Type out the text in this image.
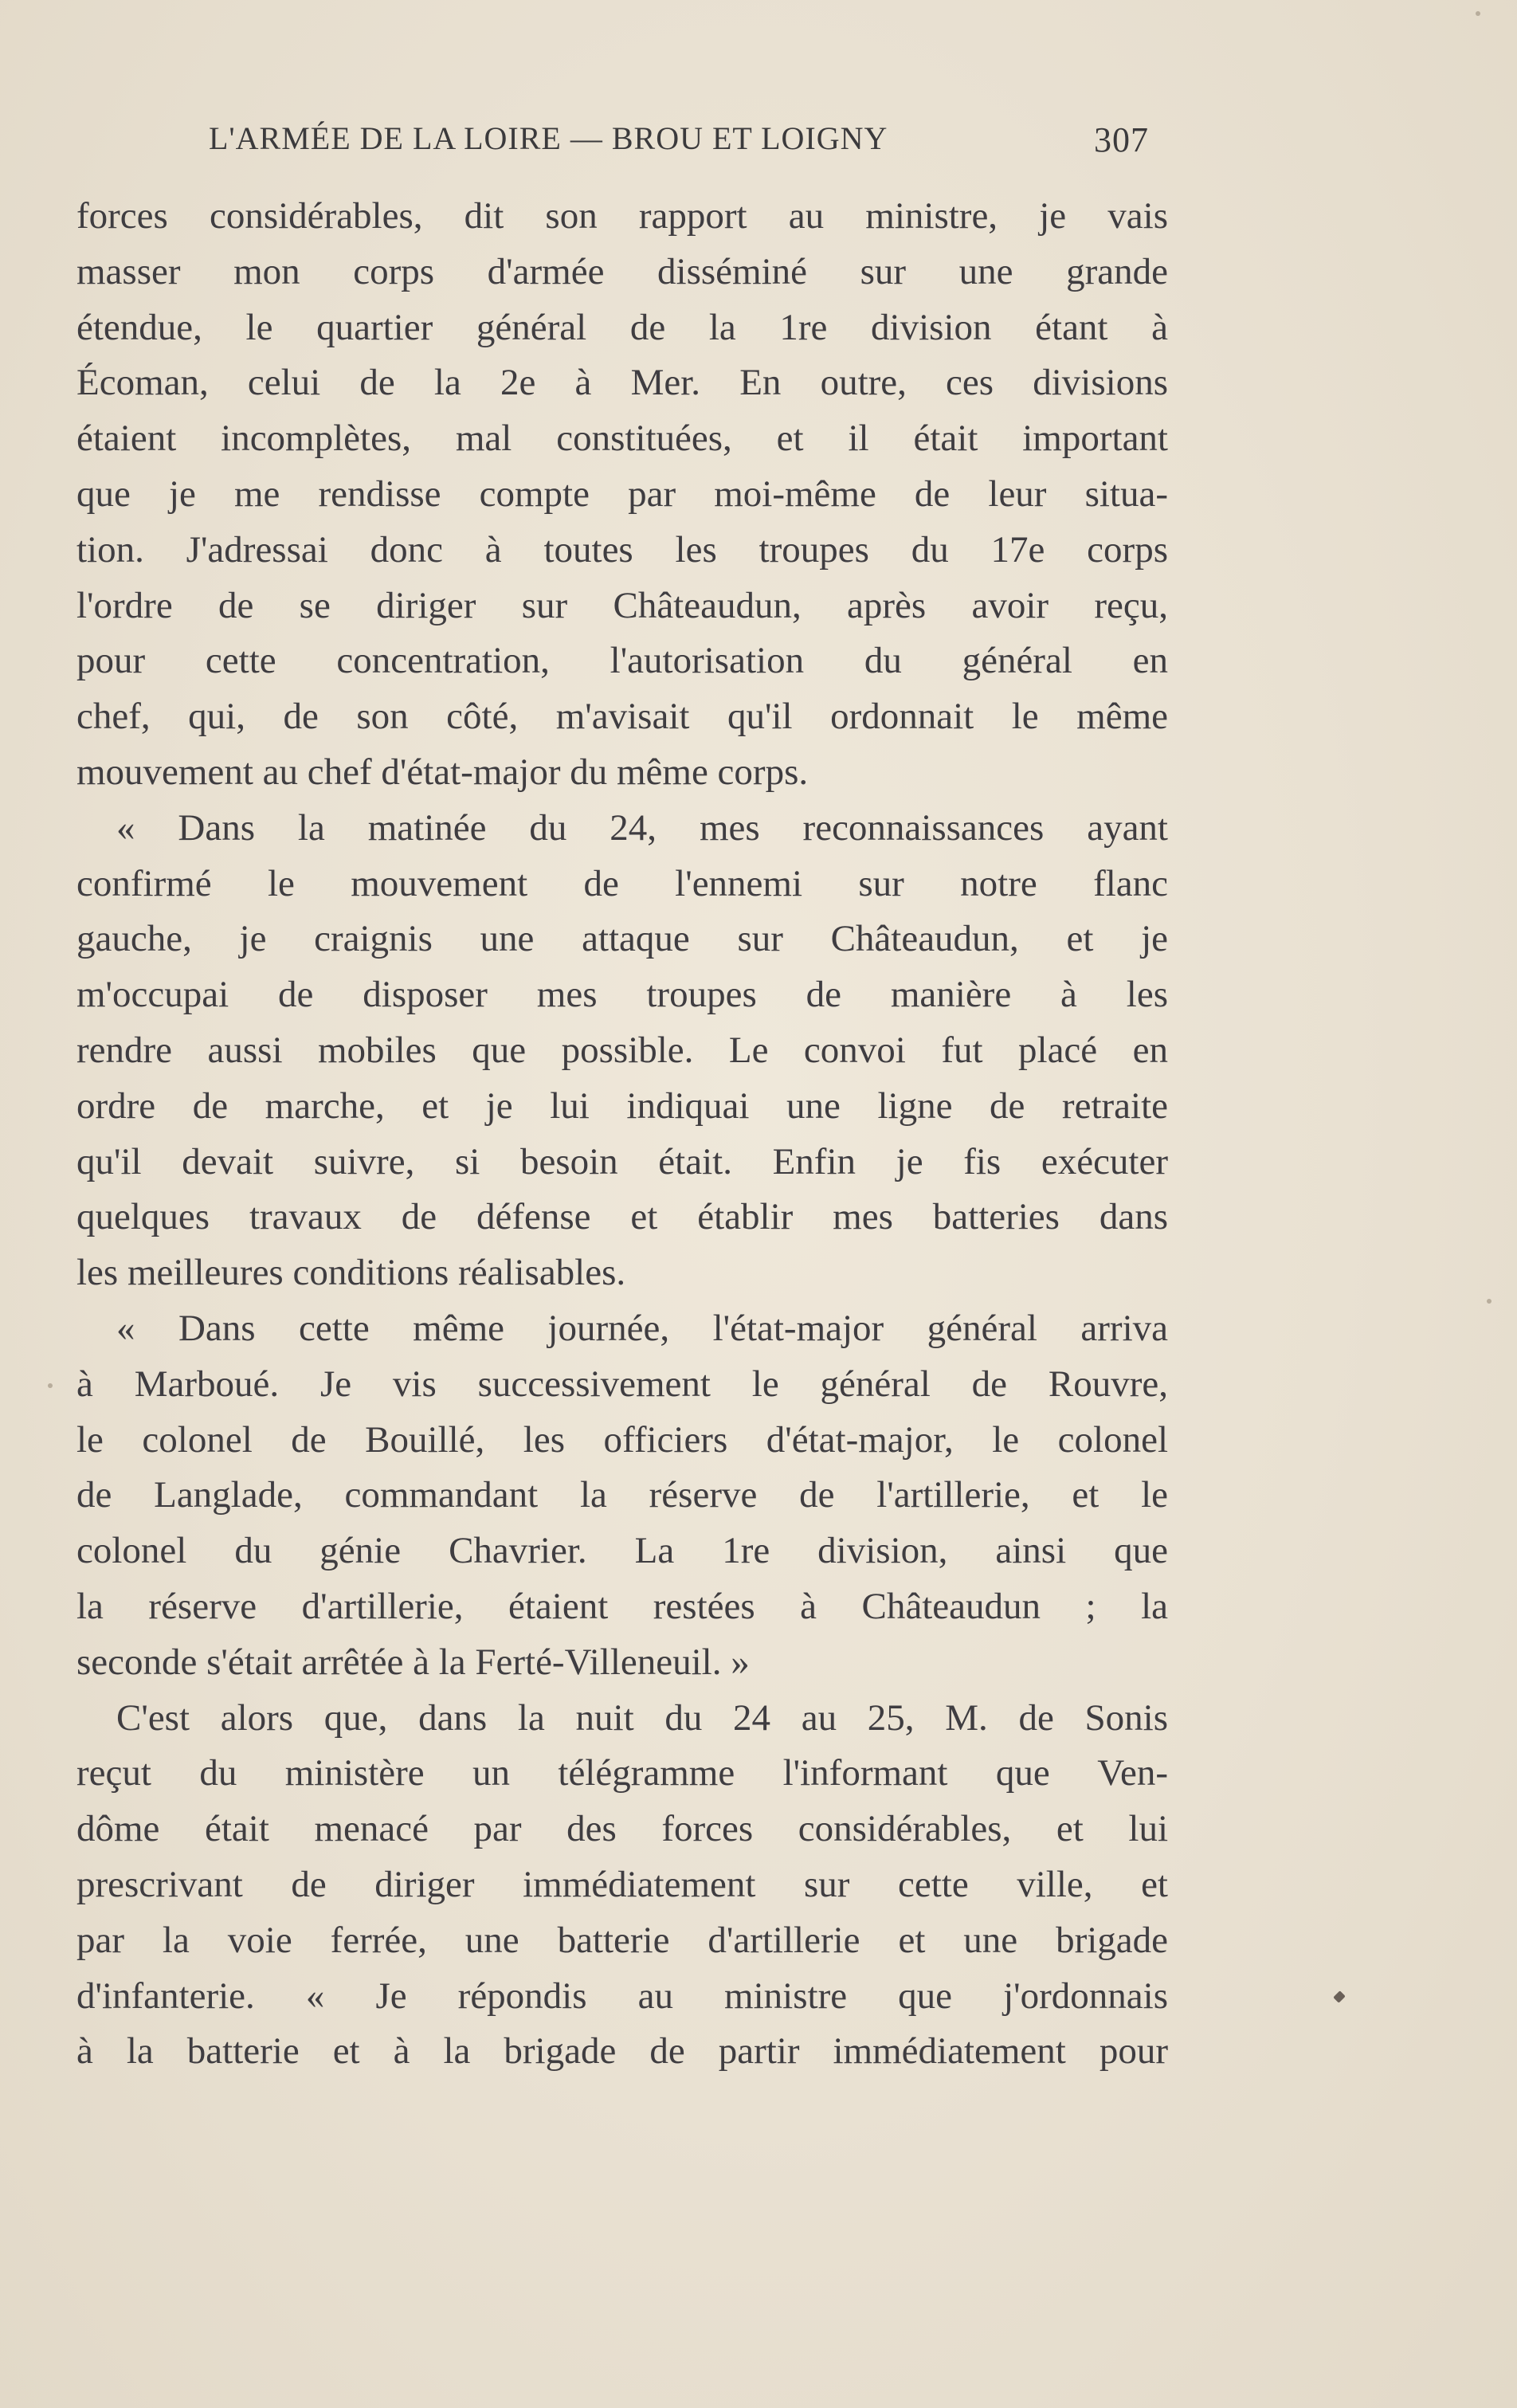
L'ARMÉE DE LA LOIRE — BROU ET LOIGNY	307
forces considérables, dit son rapport au ministre, je vais
masser mon corps d'armée disséminé sur une grande
étendue, le quartier général de la 1re division étant à
Écoman, celui de la 2e à Mer. En outre, ces divisions
étaient incomplètes, mal constituées, et il était important
que je me rendisse compte par moi-même de leur situa-
tion. J'adressai donc à toutes les troupes du 17e corps
l'ordre de se diriger sur Châteaudun, après avoir reçu,
pour cette concentration, l'autorisation du général en
chef, qui, de son côté, m'avisait qu'il ordonnait le même
mouvement au chef d'état-major du même corps.
« Dans la matinée du 24, mes reconnaissances ayant
confirmé le mouvement de l'ennemi sur notre flanc
gauche, je craignis une attaque sur Châteaudun, et je
m'occupai de disposer mes troupes de manière à les
rendre aussi mobiles que possible. Le convoi fut placé en
ordre de marche, et je lui indiquai une ligne de retraite
qu'il devait suivre, si besoin était. Enfin je fis exécuter
quelques travaux de défense et établir mes batteries dans
les meilleures conditions réalisables.
« Dans cette même journée, l'état-major général arriva
à Marboué. Je vis successivement le général de Rouvre,
le colonel de Bouillé, les officiers d'état-major, le colonel
de Langlade, commandant la réserve de l'artillerie, et le
colonel du génie Chavrier. La 1re division, ainsi que
la réserve d'artillerie, étaient restées à Châteaudun ; la
seconde s'était arrêtée à la Ferté-Villeneuil. »
C'est alors que, dans la nuit du 24 au 25, M. de Sonis
reçut du ministère un télégramme l'informant que Ven-
dôme était menacé par des forces considérables, et lui
prescrivant de diriger immédiatement sur cette ville, et
par la voie ferrée, une batterie d'artillerie et une brigade
d'infanterie. « Je répondis au ministre que j'ordonnais
à la batterie et à la brigade de partir immédiatement pour
